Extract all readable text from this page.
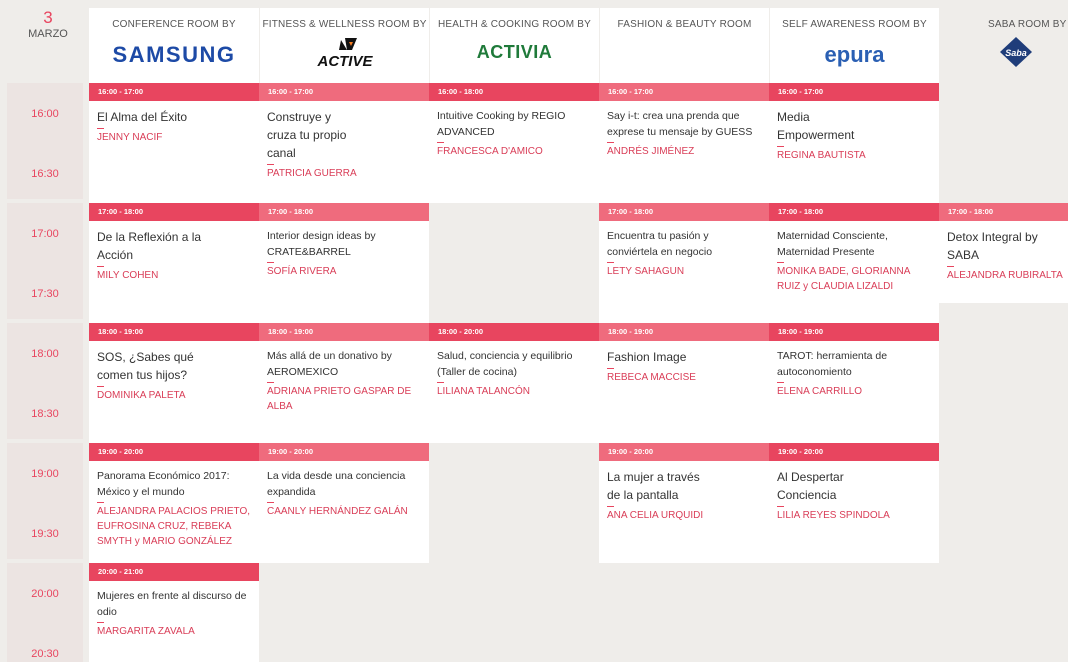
3
MARZO
CONFERENCE ROOM BY
SAMSUNG
FITNESS & WELLNESS ROOM BY
ACTIVE
HEALTH & COOKING ROOM BY
ACTIVIA
FASHION & BEAUTY ROOM	SELF AWARENESS ROOM BY
epura
SABA ROOM BY
Saba
16:00
16:30
17:00
17:30
18:00
18:30
19:00
19:30
20:00
20:30
16:00 - 17:00
El Alma del Éxito
JENNY NACIF
16:00 - 17:00
Construye y cruza tu propio canal
PATRICIA GUERRA
16:00 - 18:00
Intuitive Cooking by REGIO ADVANCED
FRANCESCA D'AMICO
16:00 - 17:00
Say i-t: crea una prenda que exprese tu mensaje by GUESS
ANDRÉS JIMÉNEZ
16:00 - 17:00
Media Empowerment
REGINA BAUTISTA
17:00 - 18:00
De la Reflexión a la Acción
MILY COHEN
17:00 - 18:00
Interior design ideas by CRATE&BARREL
SOFÍA RIVERA
17:00 - 18:00
Encuentra tu pasión y conviértela en negocio
LETY SAHAGUN
17:00 - 18:00
Maternidad Consciente, Maternidad Presente
MONIKA BADE, GLORIANNA RUIZ y CLAUDIA LIZALDI
17:00 - 18:00
Detox Integral by SABA
ALEJANDRA RUBIRALTA
18:00 - 19:00
SOS, ¿Sabes qué comen tus hijos?
DOMINIKA PALETA
18:00 - 19:00
Más allá de un donativo by AEROMEXICO
ADRIANA PRIETO GASPAR DE ALBA
18:00 - 20:00
Salud, conciencia y equilibrio (Taller de cocina)
LILIANA TALANCÓN
18:00 - 19:00
Fashion Image
REBECA MACCISE
18:00 - 19:00
TAROT: herramienta de autoconomiento
ELENA CARRILLO
19:00 - 20:00
Panorama Económico 2017: México y el mundo
ALEJANDRA PALACIOS PRIETO, EUFROSINA CRUZ, REBEKA SMYTH y MARIO GONZÁLEZ
19:00 - 20:00
La vida desde una conciencia expandida
CAANLY HERNÁNDEZ GALÁN
19:00 - 20:00
La mujer a través de la pantalla
ANA CELIA URQUIDI
19:00 - 20:00
Al Despertar Conciencia
LILIA REYES SPINDOLA
20:00 - 21:00
Mujeres en frente al discurso de odio
MARGARITA ZAVALA
